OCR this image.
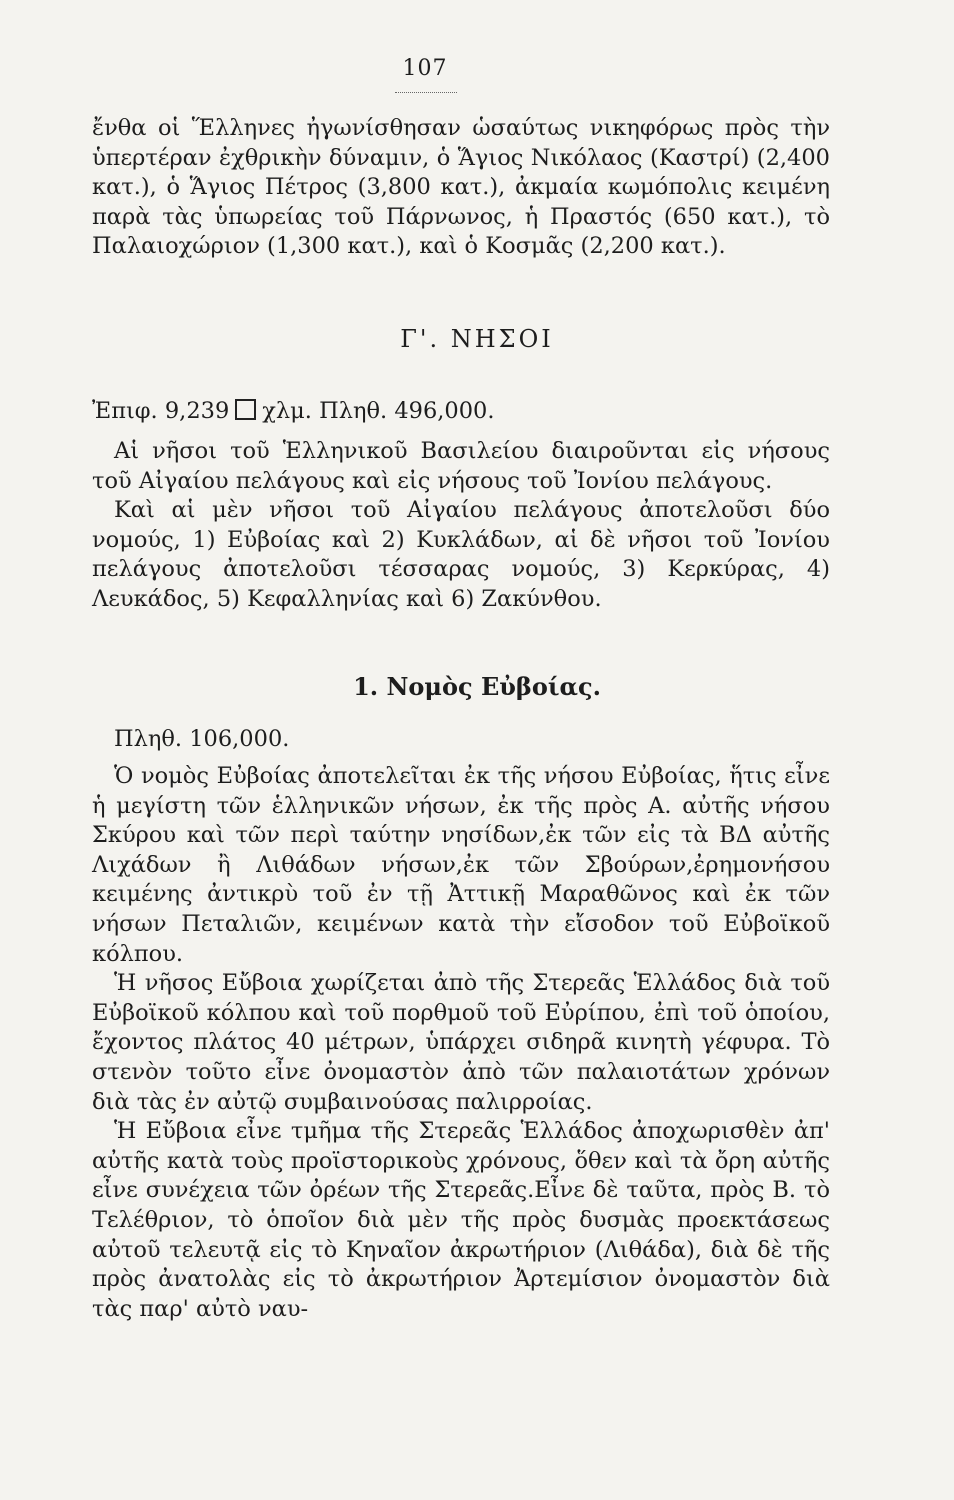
107

ἔνθα οἱ Ἕλληνες ἠγωνίσθησαν ὡσαύτως νικηφόρως πρὸς τὴν ὑπερτέραν ἐχθρικὴν δύναμιν, ὁ Ἅγιος Νικόλαος (Καστρί) (2,400 κατ.), ὁ Ἅγιος Πέτρος (3,800 κατ.), ἀκμαία κωμόπολις κειμένη παρὰ τὰς ὑπωρείας τοῦ Πάρνωνος, ἡ Πραστός (650 κατ.), τὸ Παλαιοχώριον (1,300 κατ.), καὶ ὁ Κοσμᾶς (2,200 κατ.).

Γ'. ΝΗΣΟΙ
Ἐπιφ. 9,239 χλμ. Πληθ. 496,000.

Αἱ νῆσοι τοῦ Ἑλληνικοῦ Βασιλείου διαιροῦνται εἰς νήσους τοῦ Αἰγαίου πελάγους καὶ εἰς νήσους τοῦ Ἰονίου πελάγους.

Καὶ αἱ μὲν νῆσοι τοῦ Αἰγαίου πελάγους ἀποτελοῦσι δύο νομούς, 1) Εὐβοίας καὶ 2) Κυκλάδων, αἱ δὲ νῆσοι τοῦ Ἰονίου πελάγους ἀποτελοῦσι τέσσαρας νομούς, 3) Κερκύρας, 4) Λευκάδος, 5) Κεφαλληνίας καὶ 6) Ζακύνθου.

1. Νομὸς Εὐβοίας.
Πληθ. 106,000.

Ὁ νομὸς Εὐβοίας ἀποτελεῖται ἐκ τῆς νήσου Εὐβοίας, ἥτις εἶνε ἡ μεγίστη τῶν ἑλληνικῶν νήσων, ἐκ τῆς πρὸς Α. αὐτῆς νήσου Σκύρου καὶ τῶν περὶ ταύτην νησίδων,ἐκ τῶν εἰς τὰ ΒΔ αὐτῆς Λιχάδων ἢ Λιθάδων νήσων,ἐκ τῶν Σβούρων,ἐρημονήσου κειμένης ἀντικρὺ τοῦ ἐν τῇ Ἀττικῇ Μαραθῶνος καὶ ἐκ τῶν νήσων Πεταλιῶν, κειμένων κατὰ τὴν εἴσοδον τοῦ Εὐβοϊκοῦ κόλπου.

Ἡ νῆσος Εὔβοια χωρίζεται ἀπὸ τῆς Στερεᾶς Ἑλλάδος διὰ τοῦ Εὐβοϊκοῦ κόλπου καὶ τοῦ πορθμοῦ τοῦ Εὐρίπου, ἐπὶ τοῦ ὁποίου, ἔχοντος πλάτος 40 μέτρων, ὑπάρχει σιδηρᾶ κινητὴ γέφυρα. Τὸ στενὸν τοῦτο εἶνε ὀνομαστὸν ἀπὸ τῶν παλαιοτάτων χρόνων διὰ τὰς ἐν αὐτῷ συμβαινούσας παλιρροίας.

Ἡ Εὔβοια εἶνε τμῆμα τῆς Στερεᾶς Ἑλλάδος ἀποχωρισθὲν ἀπ' αὐτῆς κατὰ τοὺς προϊστορικοὺς χρόνους, ὅθεν καὶ τὰ ὄρη αὐτῆς εἶνε συνέχεια τῶν ὀρέων τῆς Στερεᾶς.Εἶνε δὲ ταῦτα, πρὸς Β. τὸ Τελέθριον, τὸ ὁποῖον διὰ μὲν τῆς πρὸς δυσμὰς προεκτάσεως αὐτοῦ τελευτᾷ εἰς τὸ Κηναῖον ἀκρωτήριον (Λιθάδα), διὰ δὲ τῆς πρὸς ἀνατολὰς εἰς τὸ ἀκρωτήριον Ἀρτεμίσιον ὀνομαστὸν διὰ τὰς παρ' αὐτὸ ναυ-
